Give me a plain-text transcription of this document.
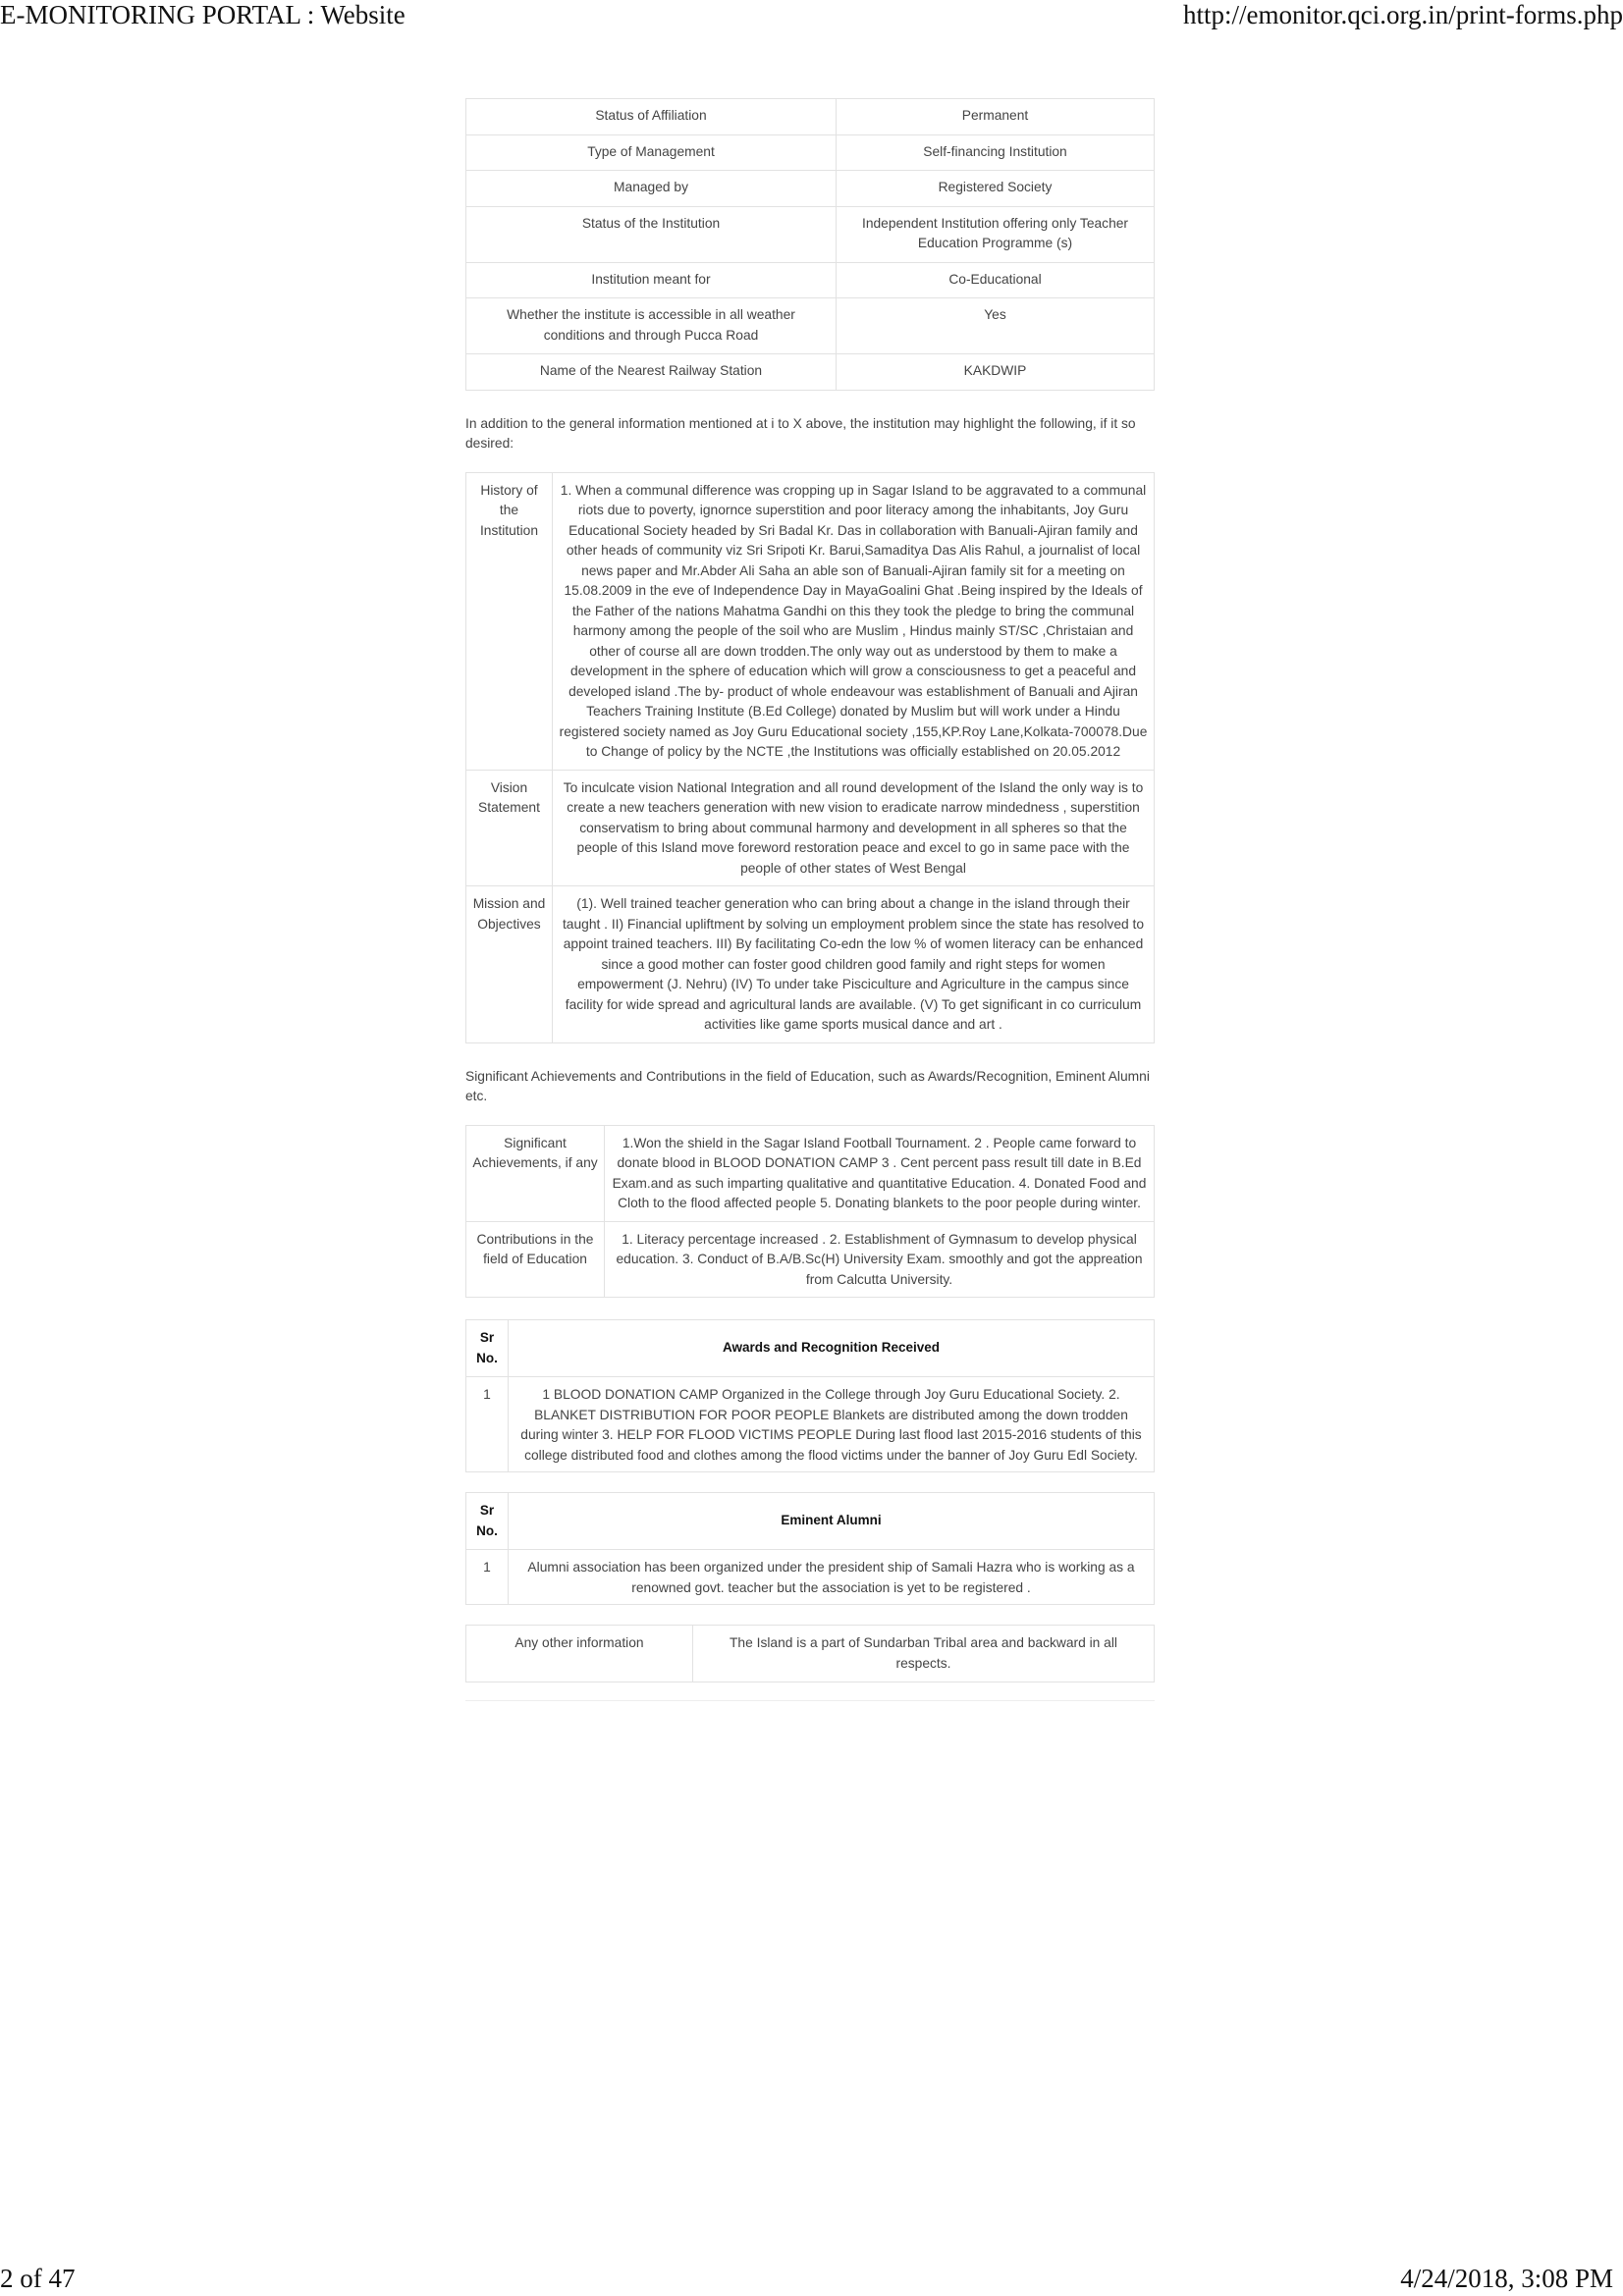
E-MONITORING PORTAL : Website	http://emonitor.qci.org.in/print-forms.php
Status of Affiliation	Permanent
Type of Management	Self-financing Institution
Managed by	Registered Society
Status of the Institution	Independent Institution offering only Teacher Education Programme (s)
Institution meant for	Co-Educational
Whether the institute is accessible in all weather conditions and through Pucca Road	Yes
Name of the Nearest Railway Station	KAKDWIP
In addition to the general information mentioned at i to X above, the institution may highlight the following, if it so desired:
History of the Institution	1. When a communal difference was cropping up in Sagar Island to be aggravated to a communal riots due to poverty, ignornce superstition and poor literacy among the inhabitants, Joy Guru Educational Society headed by Sri Badal Kr. Das in collaboration with Banuali-Ajiran family and other heads of community viz Sri Sripoti Kr. Barui,Samaditya Das Alis Rahul, a journalist of local news paper and Mr.Abder Ali Saha an able son of Banuali-Ajiran family sit for a meeting on 15.08.2009 in the eve of Independence Day in MayaGoalini Ghat .Being inspired by the Ideals of the Father of the nations Mahatma Gandhi on this they took the pledge to bring the communal harmony among the people of the soil who are Muslim , Hindus mainly ST/SC ,Christaian and other of course all are down trodden.The only way out as understood by them to make a development in the sphere of education which will grow a consciousness to get a peaceful and developed island .The by- product of whole endeavour was establishment of Banuali and Ajiran Teachers Training Institute (B.Ed College) donated by Muslim but will work under a Hindu registered society named as Joy Guru Educational society ,155,KP.Roy Lane,Kolkata-700078.Due to Change of policy by the NCTE ,the Institutions was officially established on 20.05.2012
Vision Statement	To inculcate vision National Integration and all round development of the Island the only way is to create a new teachers generation with new vision to eradicate narrow mindedness , superstition conservatism to bring about communal harmony and development in all spheres so that the people of this Island move foreword restoration peace and excel to go in same pace with the people of other states of West Bengal
Mission and Objectives	(1). Well trained teacher generation who can bring about a change in the island through their taught . II) Financial upliftment by solving un employment problem since the state has resolved to appoint trained teachers. III) By facilitating Co-edn the low % of women literacy can be enhanced since a good mother can foster good children good family and right steps for women empowerment (J. Nehru) (IV) To under take Pisciculture and Agriculture in the campus since facility for wide spread and agricultural lands are available. (V) To get significant in co curriculum activities like game sports musical dance and art .
Significant Achievements and Contributions in the field of Education, such as Awards/Recognition, Eminent Alumni etc.
Significant Achievements, if any	1.Won the shield in the Sagar Island Football Tournament. 2 . People came forward to donate blood in BLOOD DONATION CAMP 3 . Cent percent pass result till date in B.Ed Exam.and as such imparting qualitative and quantitative Education. 4. Donated Food and Cloth to the flood affected people 5. Donating blankets to the poor people during winter.
Contributions in the field of Education	1. Literacy percentage increased . 2. Establishment of Gymnasum to develop physical education. 3. Conduct of B.A/B.Sc(H) University Exam. smoothly and got the appreation from Calcutta University.
Sr No.	Awards and Recognition Received
1	1 BLOOD DONATION CAMP Organized in the College through Joy Guru Educational Society. 2. BLANKET DISTRIBUTION FOR POOR PEOPLE Blankets are distributed among the down trodden during winter 3. HELP FOR FLOOD VICTIMS PEOPLE During last flood last 2015-2016 students of this college distributed food and clothes among the flood victims under the banner of Joy Guru Edl Society.
Sr No.	Eminent Alumni
1	Alumni association has been organized under the president ship of Samali Hazra who is working as a renowned govt. teacher but the association is yet to be registered .
Any other information	The Island is a part of Sundarban Tribal area and backward in all respects.
2 of 47	4/24/2018, 3:08 PM
